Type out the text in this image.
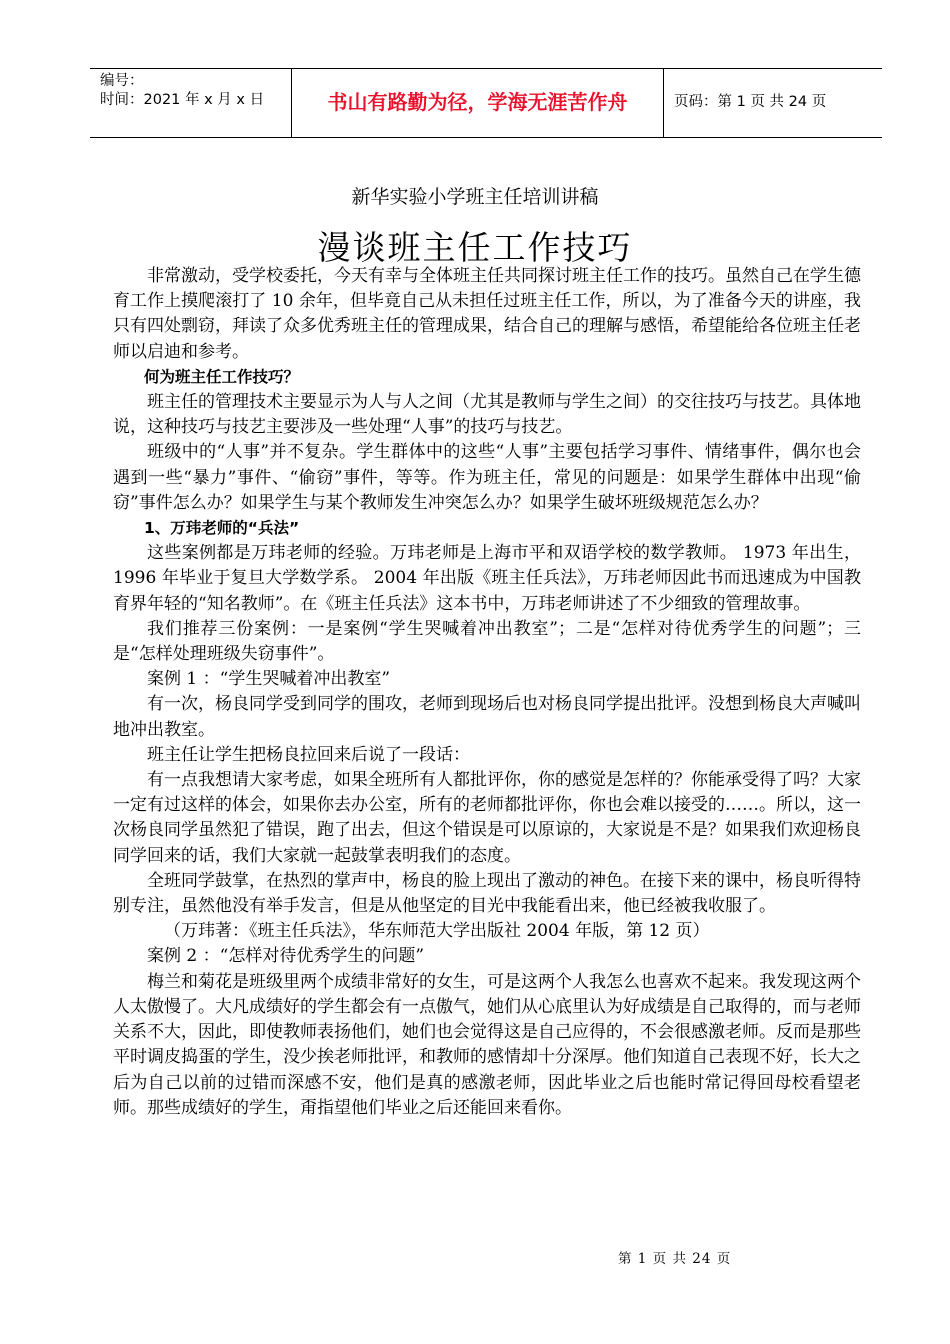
编号：
时间：2021 年 x 月 x 日	书山有路勤为径，学海无涯苦作舟	页码：第 1 页 共 24 页
新华实验小学班主任培训讲稿
漫谈班主任工作技巧

非常激动，受学校委托，今天有幸与全体班主任共同探讨班主任工作的技巧。虽然自己在学生德育工作上摸爬滚打了 10 余年，但毕竟自己从未担任过班主任工作，所以，为了准备今天的讲座，我只有四处剽窃，拜读了众多优秀班主任的管理成果，结合自己的理解与感悟，希望能给各位班主任老师以启迪和参考。

何为班主任工作技巧？

班主任的管理技术主要显示为人与人之间（尤其是教师与学生之间）的交往技巧与技艺。具体地说，这种技巧与技艺主要涉及一些处理“人事”的技巧与技艺。

班级中的“人事”并不复杂。学生群体中的这些“人事”主要包括学习事件、情绪事件，偶尔也会遇到一些“暴力”事件、“偷窃”事件，等等。作为班主任，常见的问题是：如果学生群体中出现“偷窃”事件怎么办？如果学生与某个教师发生冲突怎么办？如果学生破坏班级规范怎么办？

1、万玮老师的“兵法”

这些案例都是万玮老师的经验。万玮老师是上海市平和双语学校的数学教师。 1973 年出生， 1996 年毕业于复旦大学数学系。 2004 年出版《班主任兵法》，万玮老师因此书而迅速成为中国教育界年轻的“知名教师”。在《班主任兵法》这本书中，万玮老师讲述了不少细致的管理故事。

我们推荐三份案例：一是案例“学生哭喊着冲出教室”；二是“怎样对待优秀学生的问题”；三是“怎样处理班级失窃事件”。

案例 1 ：“学生哭喊着冲出教室”

有一次，杨良同学受到同学的围攻，老师到现场后也对杨良同学提出批评。没想到杨良大声喊叫地冲出教室。

班主任让学生把杨良拉回来后说了一段话：

有一点我想请大家考虑，如果全班所有人都批评你，你的感觉是怎样的？你能承受得了吗？大家一定有过这样的体会，如果你去办公室，所有的老师都批评你，你也会难以接受的……。所以，这一次杨良同学虽然犯了错误，跑了出去，但这个错误是可以原谅的，大家说是不是？如果我们欢迎杨良同学回来的话，我们大家就一起鼓掌表明我们的态度。

全班同学鼓掌，在热烈的掌声中，杨良的脸上现出了激动的神色。在接下来的课中，杨良听得特别专注，虽然他没有举手发言，但是从他坚定的目光中我能看出来，他已经被我收服了。

（万玮著：《班主任兵法》，华东师范大学出版社 2004 年版，第 12 页）

案例 2 ：“怎样对待优秀学生的问题”

梅兰和菊花是班级里两个成绩非常好的女生，可是这两个人我怎么也喜欢不起来。我发现这两个人太傲慢了。大凡成绩好的学生都会有一点傲气，她们从心底里认为好成绩是自己取得的，而与老师关系不大，因此，即使教师表扬他们，她们也会觉得这是自己应得的，不会很感激老师。反而是那些平时调皮捣蛋的学生，没少挨老师批评，和教师的感情却十分深厚。他们知道自己表现不好，长大之后为自己以前的过错而深感不安，他们是真的感激老师，因此毕业之后也能时常记得回母校看望老师。那些成绩好的学生，甭指望他们毕业之后还能回来看你。

第 1 页 共 24 页
